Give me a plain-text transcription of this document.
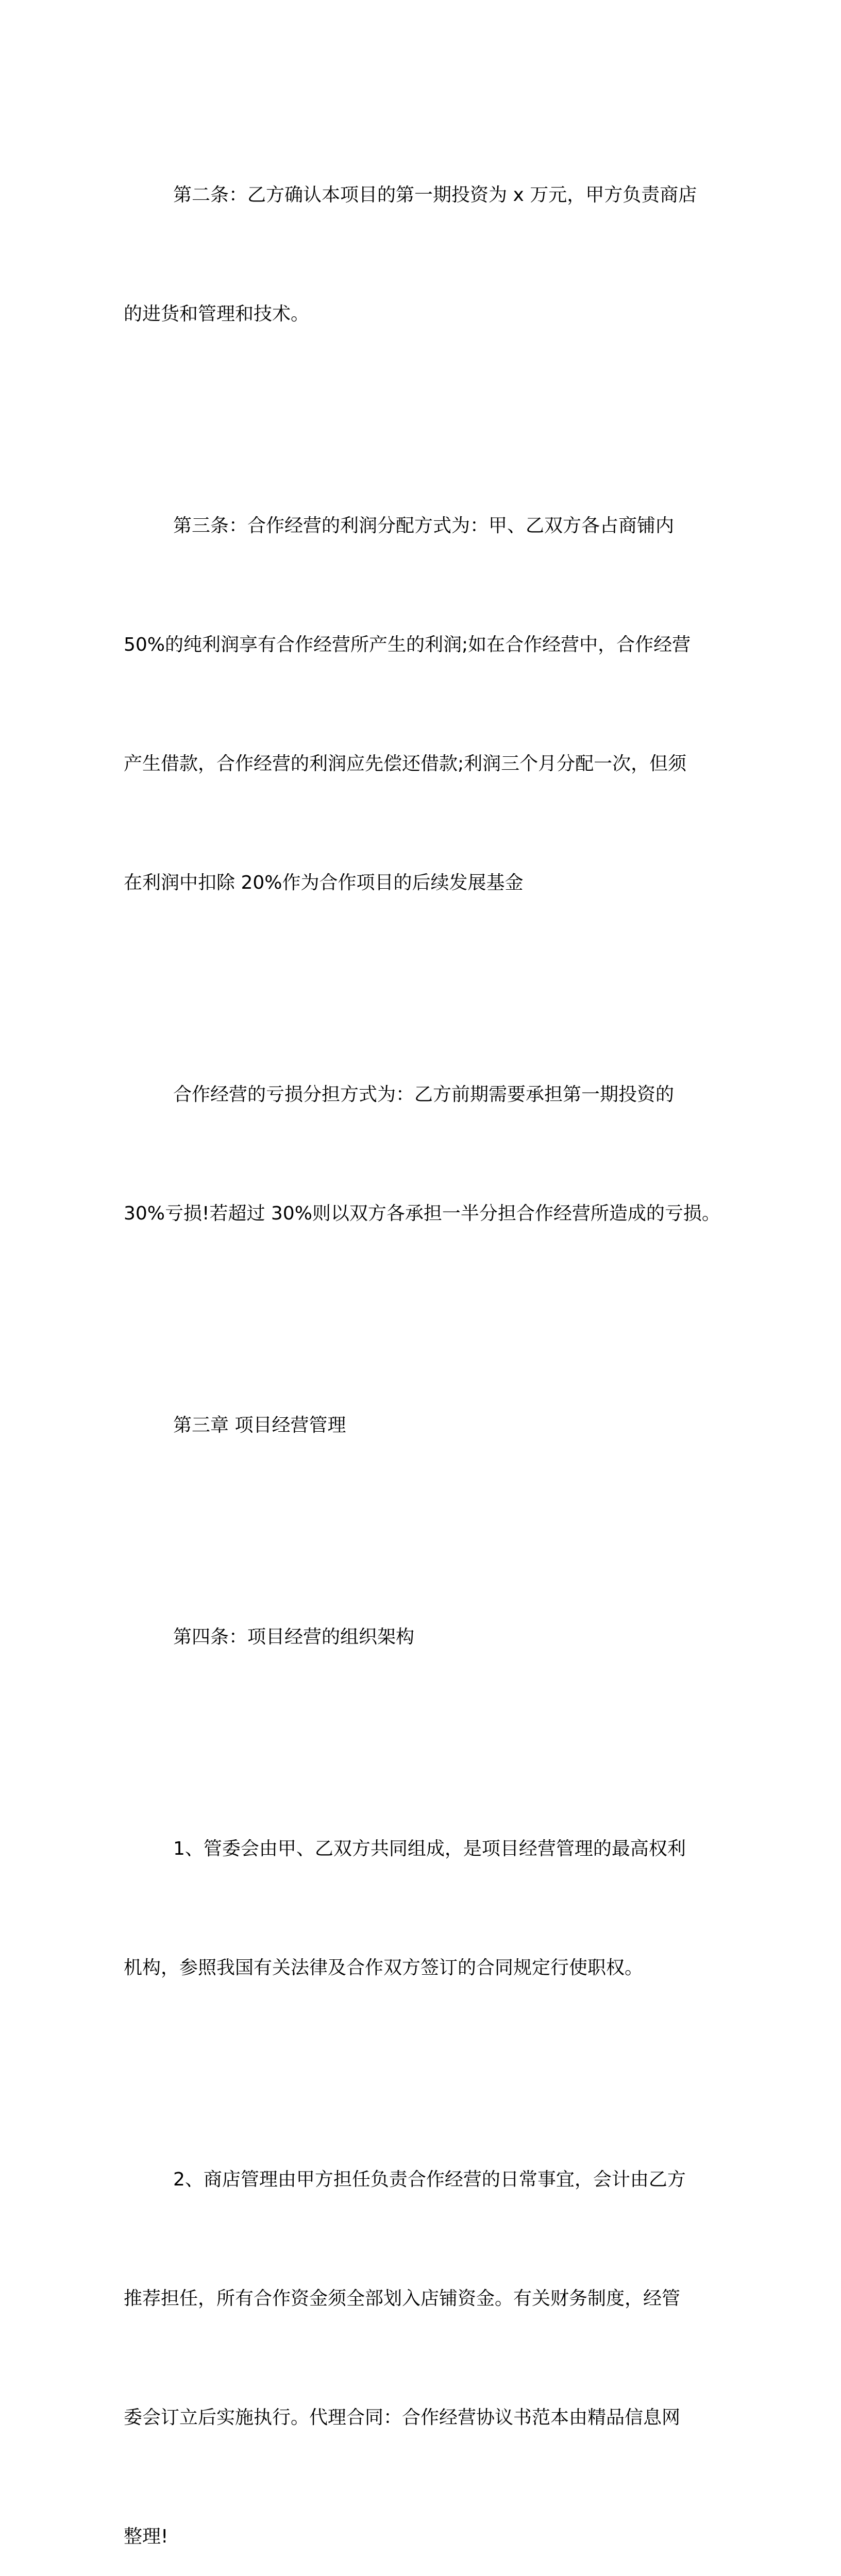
第二条：乙方确认本项目的第一期投资为 x 万元，甲方负责商店

的进货和管理和技术。

第三条：合作经营的利润分配方式为：甲、乙双方各占商铺内

50%的纯利润享有合作经营所产生的利润;如在合作经营中，合作经营

产生借款，合作经营的利润应先偿还借款;利润三个月分配一次，但须

在利润中扣除 20%作为合作项目的后续发展基金

合作经营的亏损分担方式为：乙方前期需要承担第一期投资的

30%亏损!若超过 30%则以双方各承担一半分担合作经营所造成的亏损。

第三章 项目经营管理

第四条：项目经营的组织架构

1、管委会由甲、乙双方共同组成，是项目经营管理的最高权利

机构，参照我国有关法律及合作双方签订的合同规定行使职权。

2、商店管理由甲方担任负责合作经营的日常事宜，会计由乙方

推荐担任，所有合作资金须全部划入店铺资金。有关财务制度，经管

委会订立后实施执行。代理合同：合作经营协议书范本由精品信息网

整理!
